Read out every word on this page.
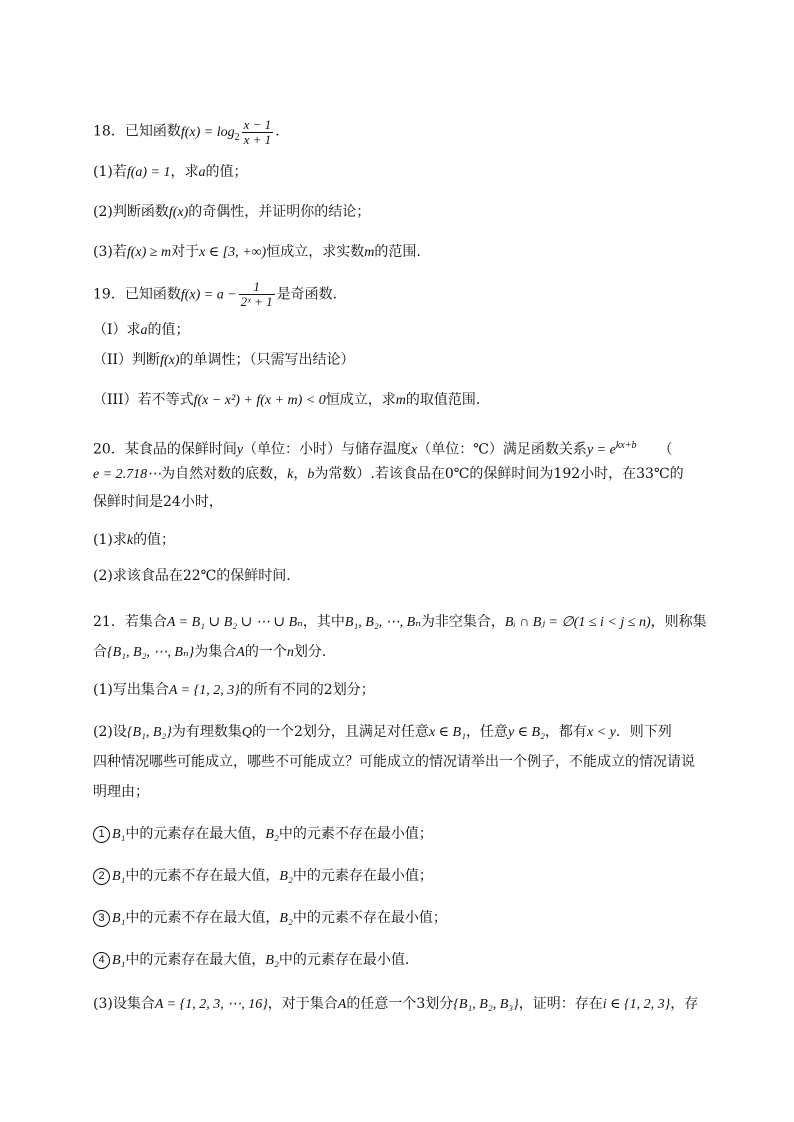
18．已知函数$f(x) = \log_2 \frac{x - 1}{x + 1}$ .
(1)若f(a) = 1，求a的值；
(2)判断函数f(x)的奇偶性，并证明你的结论；
(3)若f(x) ≥ m对于x ∈ [3, +∞)恒成立，求实数m的范围.
19．已知函数$f(x) = a - \frac{1}{\text{2ˣ + 1}}$ 是奇函数.
（I）求a的值；
（II）判断f(x)的单调性；（只需写出结论）
（III）若不等式f(x − x²) + f(x + m) < 0恒成立，求m的取值范围.
20．某食品的保鲜时间y（单位：小时）与储存温度x（单位：℃）满足函数关系$y = e^{kx+b}$ （
e = 2.718⋯为自然对数的底数，k，b为常数）.若该食品在0℃的保鲜时间为192小时，在33℃的
保鲜时间是24小时，
(1)求k的值；
(2)求该食品在22℃的保鲜时间.
21．若集合A = B₁ ∪ B₂ ∪ ⋯ ∪ Bₙ，其中B₁, B₂, ⋯, Bₙ为非空集合，Bᵢ ∩ Bⱼ = ∅(1 ≤ i < j ≤ n)，则称集
合{B₁, B₂, ⋯, Bₙ}为集合A的一个n划分.
(1)写出集合A = {1, 2, 3}的所有不同的2划分；
(2)设{B₁, B₂}为有理数集Q的一个2划分，且满足对任意x ∈ B₁，任意y ∈ B₂，都有x < y．则下列
四种情况哪些可能成立，哪些不可能成立？可能成立的情况请举出一个例子，不能成立的情况请说
明理由；
1 B₁中的元素存在最大值，B₂中的元素不存在最小值；
2 B₁中的元素不存在最大值，B₂中的元素存在最小值；
3 B₁中的元素不存在最大值，B₂中的元素不存在最小值；
4 B₁中的元素存在最大值，B₂中的元素存在最小值.
(3)设集合A = {1, 2, 3, ⋯, 16}，对于集合A的任意一个3划分{B₁, B₂, B₃}，证明：存在i ∈ {1, 2, 3}，存
